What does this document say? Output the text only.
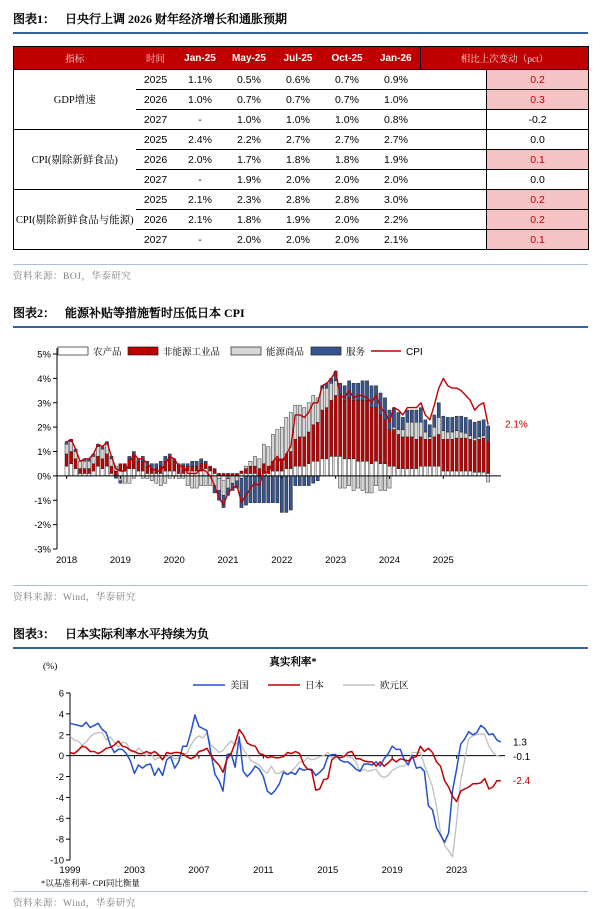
图表1： 日央行上调 2026 财年经济增长和通胀预期
指标	时间	Jan-25	May-25	Jul-25	Oct-25	Jan-26	相比上次变动（pct）	
GDP增速	2025	1.1%	0.5%	0.6%	0.7%	0.9%		0.2
	2026	1.0%	0.7%	0.7%	0.7%	1.0%		0.3
	2027	-	1.0%	1.0%	1.0%	0.8%		-0.2
CPI(剔除新鲜食品)	2025	2.4%	2.2%	2.7%	2.7%	2.7%		0.0
	2026	2.0%	1.7%	1.8%	1.8%	1.9%		0.1
	2027	-	1.9%	2.0%	2.0%	2.0%		0.0
CPI(剔除新鲜食品与能源)	2025	2.1%	2.3%	2.8%	2.8%	3.0%		0.2
	2026	2.1%	1.8%	1.9%	2.0%	2.2%		0.2
	2027	-	2.0%	2.0%	2.0%	2.1%		0.1
资料来源：BOJ，华泰研究
图表2： 能源补贴等措施暂时压低日本 CPI
5%
4%
3%
2%
1%
0%
-1%
-2%
-3%
2018	2019	2020	2021	2022	2023	2024	2025
2.1%
农产品	非能源工业品	能源商品	服务	CPI
资料来源：Wind，华泰研究
图表3： 日本实际利率水平持续为负
真实利率*
(%)
美国	日本	欧元区
6
4
2
0
-2
-4
-6
-8
-10
1999	2003	2007	2011	2015	2019	2023
1.3
-0.1
-2.4
*以基准利率- CPI同比衡量
资料来源：Wind，华泰研究
